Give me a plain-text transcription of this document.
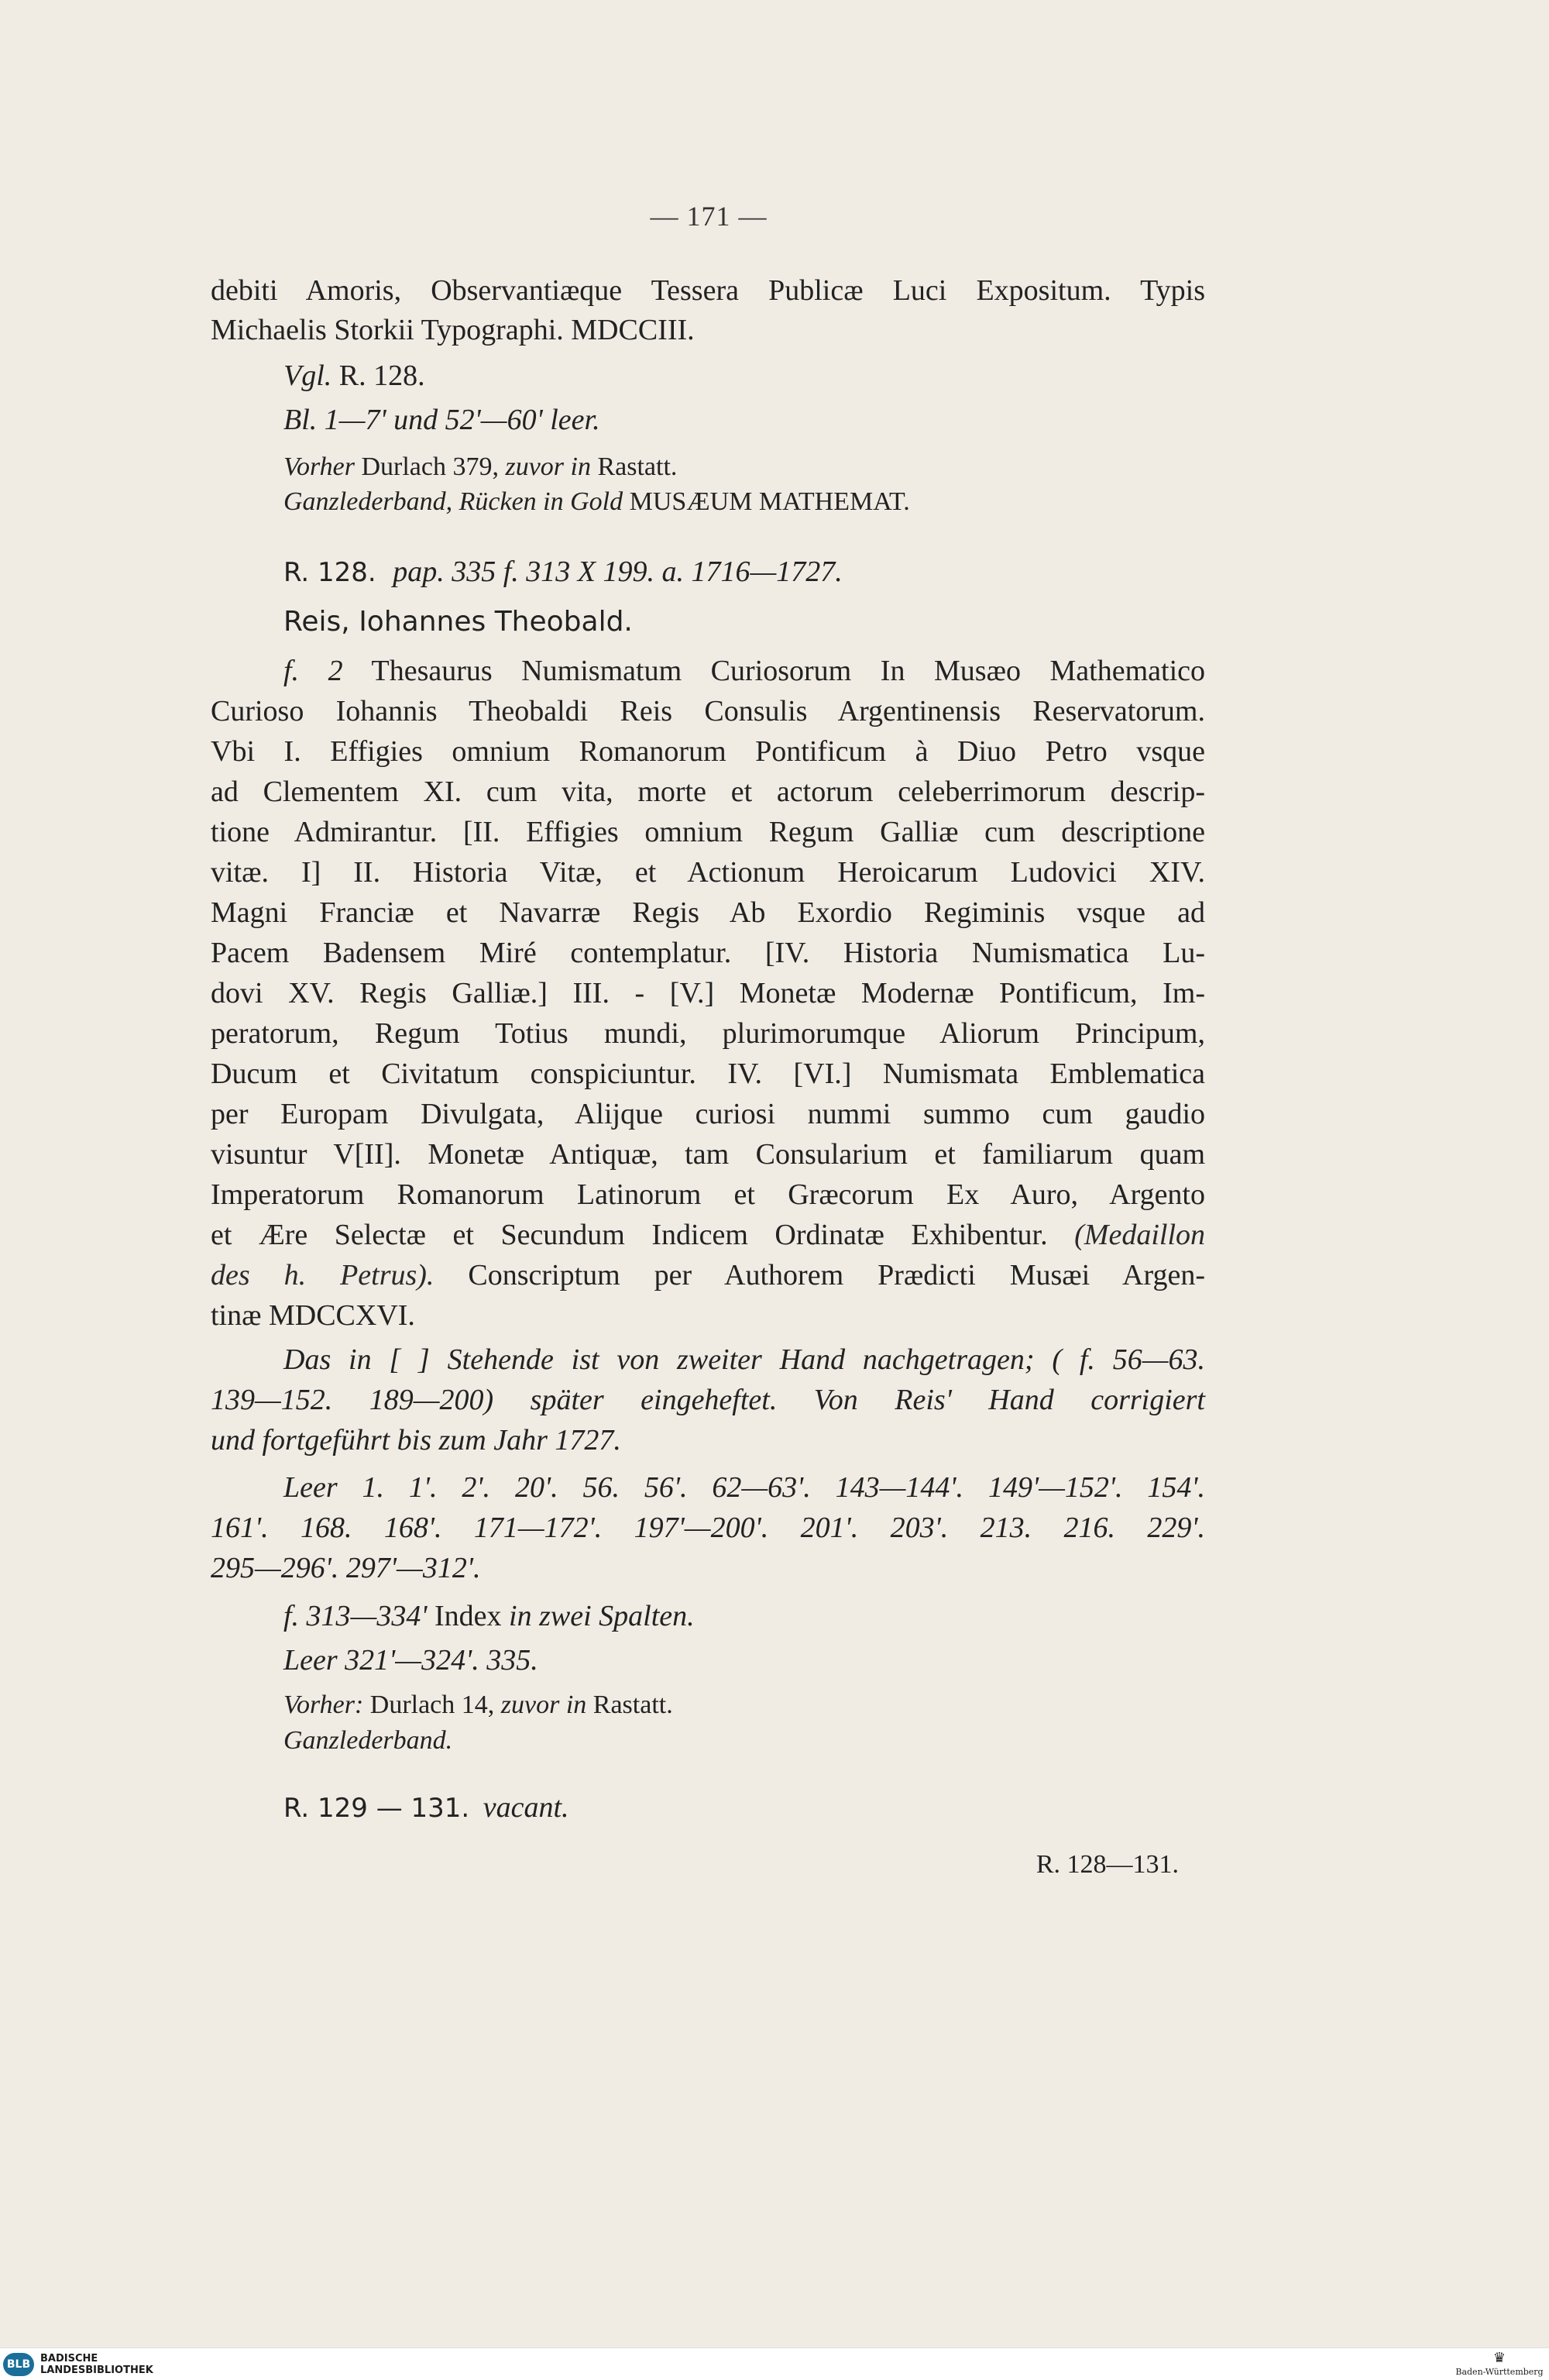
— 171 —
debiti Amoris, Observantiæque Tessera Publicæ Luci Expositum. Typis
Michaelis Storkii Typographi. MDCCIII.
Vgl. R. 128.
Bl. 1—7' und 52'—60' leer.
Vorher Durlach 379, zuvor in Rastatt.
Ganzlederband, Rücken in Gold MUSÆUM MATHEMAT.
R. 128. pap. 335 f. 313 X 199. a. 1716—1727.
Reis, Iohannes Theobald.
f. 2 Thesaurus Numismatum Curiosorum In Musæo Mathematico
Curioso Iohannis Theobaldi Reis Consulis Argentinensis Reservatorum.
Vbi I. Effigies omnium Romanorum Pontificum à Diuo Petro vsque
ad Clementem XI. cum vita, morte et actorum celeberrimorum descrip-
tione Admirantur. [II. Effigies omnium Regum Galliæ cum descriptione
vitæ. I] II. Historia Vitæ, et Actionum Heroicarum Ludovici XIV.
Magni Franciæ et Navarræ Regis Ab Exordio Regiminis vsque ad
Pacem Badensem Miré contemplatur. [IV. Historia Numismatica Lu-
dovi XV. Regis Galliæ.] III. - [V.] Monetæ Modernæ Pontificum, Im-
peratorum, Regum Totius mundi, plurimorumque Aliorum Principum,
Ducum et Civitatum conspiciuntur. IV. [VI.] Numismata Emblematica
per Europam Divulgata, Alijque curiosi nummi summo cum gaudio
visuntur V[II]. Monetæ Antiquæ, tam Consularium et familiarum quam
Imperatorum Romanorum Latinorum et Græcorum Ex Auro, Argento
et Ære Selectæ et Secundum Indicem Ordinatæ Exhibentur. (Medaillon
des h. Petrus). Conscriptum per Authorem Prædicti Musæi Argen-
tinæ MDCCXVI.
Das in [ ] Stehende ist von zweiter Hand nachgetragen; ( f. 56—63.
139—152. 189—200) später eingeheftet. Von Reis' Hand corrigiert
und fortgeführt bis zum Jahr 1727.
Leer 1. 1'. 2'. 20'. 56. 56'. 62—63'. 143—144'. 149'—152'. 154'.
161'. 168. 168'. 171—172'. 197'—200'. 201'. 203'. 213. 216. 229'.
295—296'. 297'—312'.
f. 313—334' Index in zwei Spalten.
Leer 321'—324'. 335.
Vorher: Durlach 14, zuvor in Rastatt.
Ganzlederband.
R. 129 — 131. vacant.
R. 128—131.
BLB BADISCHE
LANDESBIBLIOTHEK
♛
Baden-Württemberg
